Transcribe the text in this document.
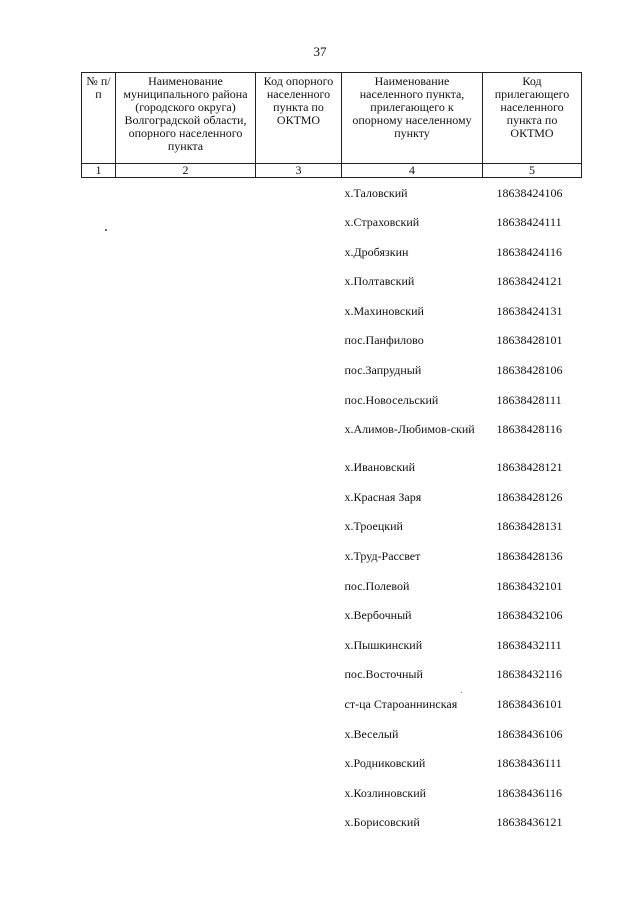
37
№ п/п	Наименование муниципального района (городского округа) Волгоградской области, опорного населенного пункта	Код опорного населенного пункта по ОКТМО	Наименование населенного пункта, прилегающего к опорному населенному пункту	Код прилегающего населенного пункта по ОКТМО
1	2	3	4	5
			х.Таловский	18638424106
			х.Страховский	18638424111
			х.Дробязкин	18638424116
			х.Полтавский	18638424121
			х.Махиновский	18638424131
			пос.Панфилово	18638428101
			пос.Запрудный	18638428106
			пос.Новосельский	18638428111
			х.Алимов-Любимов-ский	18638428116
			х.Ивановский	18638428121
			х.Красная Заря	18638428126
			х.Троецкий	18638428131
			х.Труд-Рассвет	18638428136
			пос.Полевой	18638432101
			х.Вербочный	18638432106
			х.Пышкинский	18638432111
			пос.Восточный	18638432116
			ст-ца Староаннинская	18638436101
			х.Веселый	18638436106
			х.Родниковский	18638436111
			х.Козлиновский	18638436116
			х.Борисовский	18638436121
